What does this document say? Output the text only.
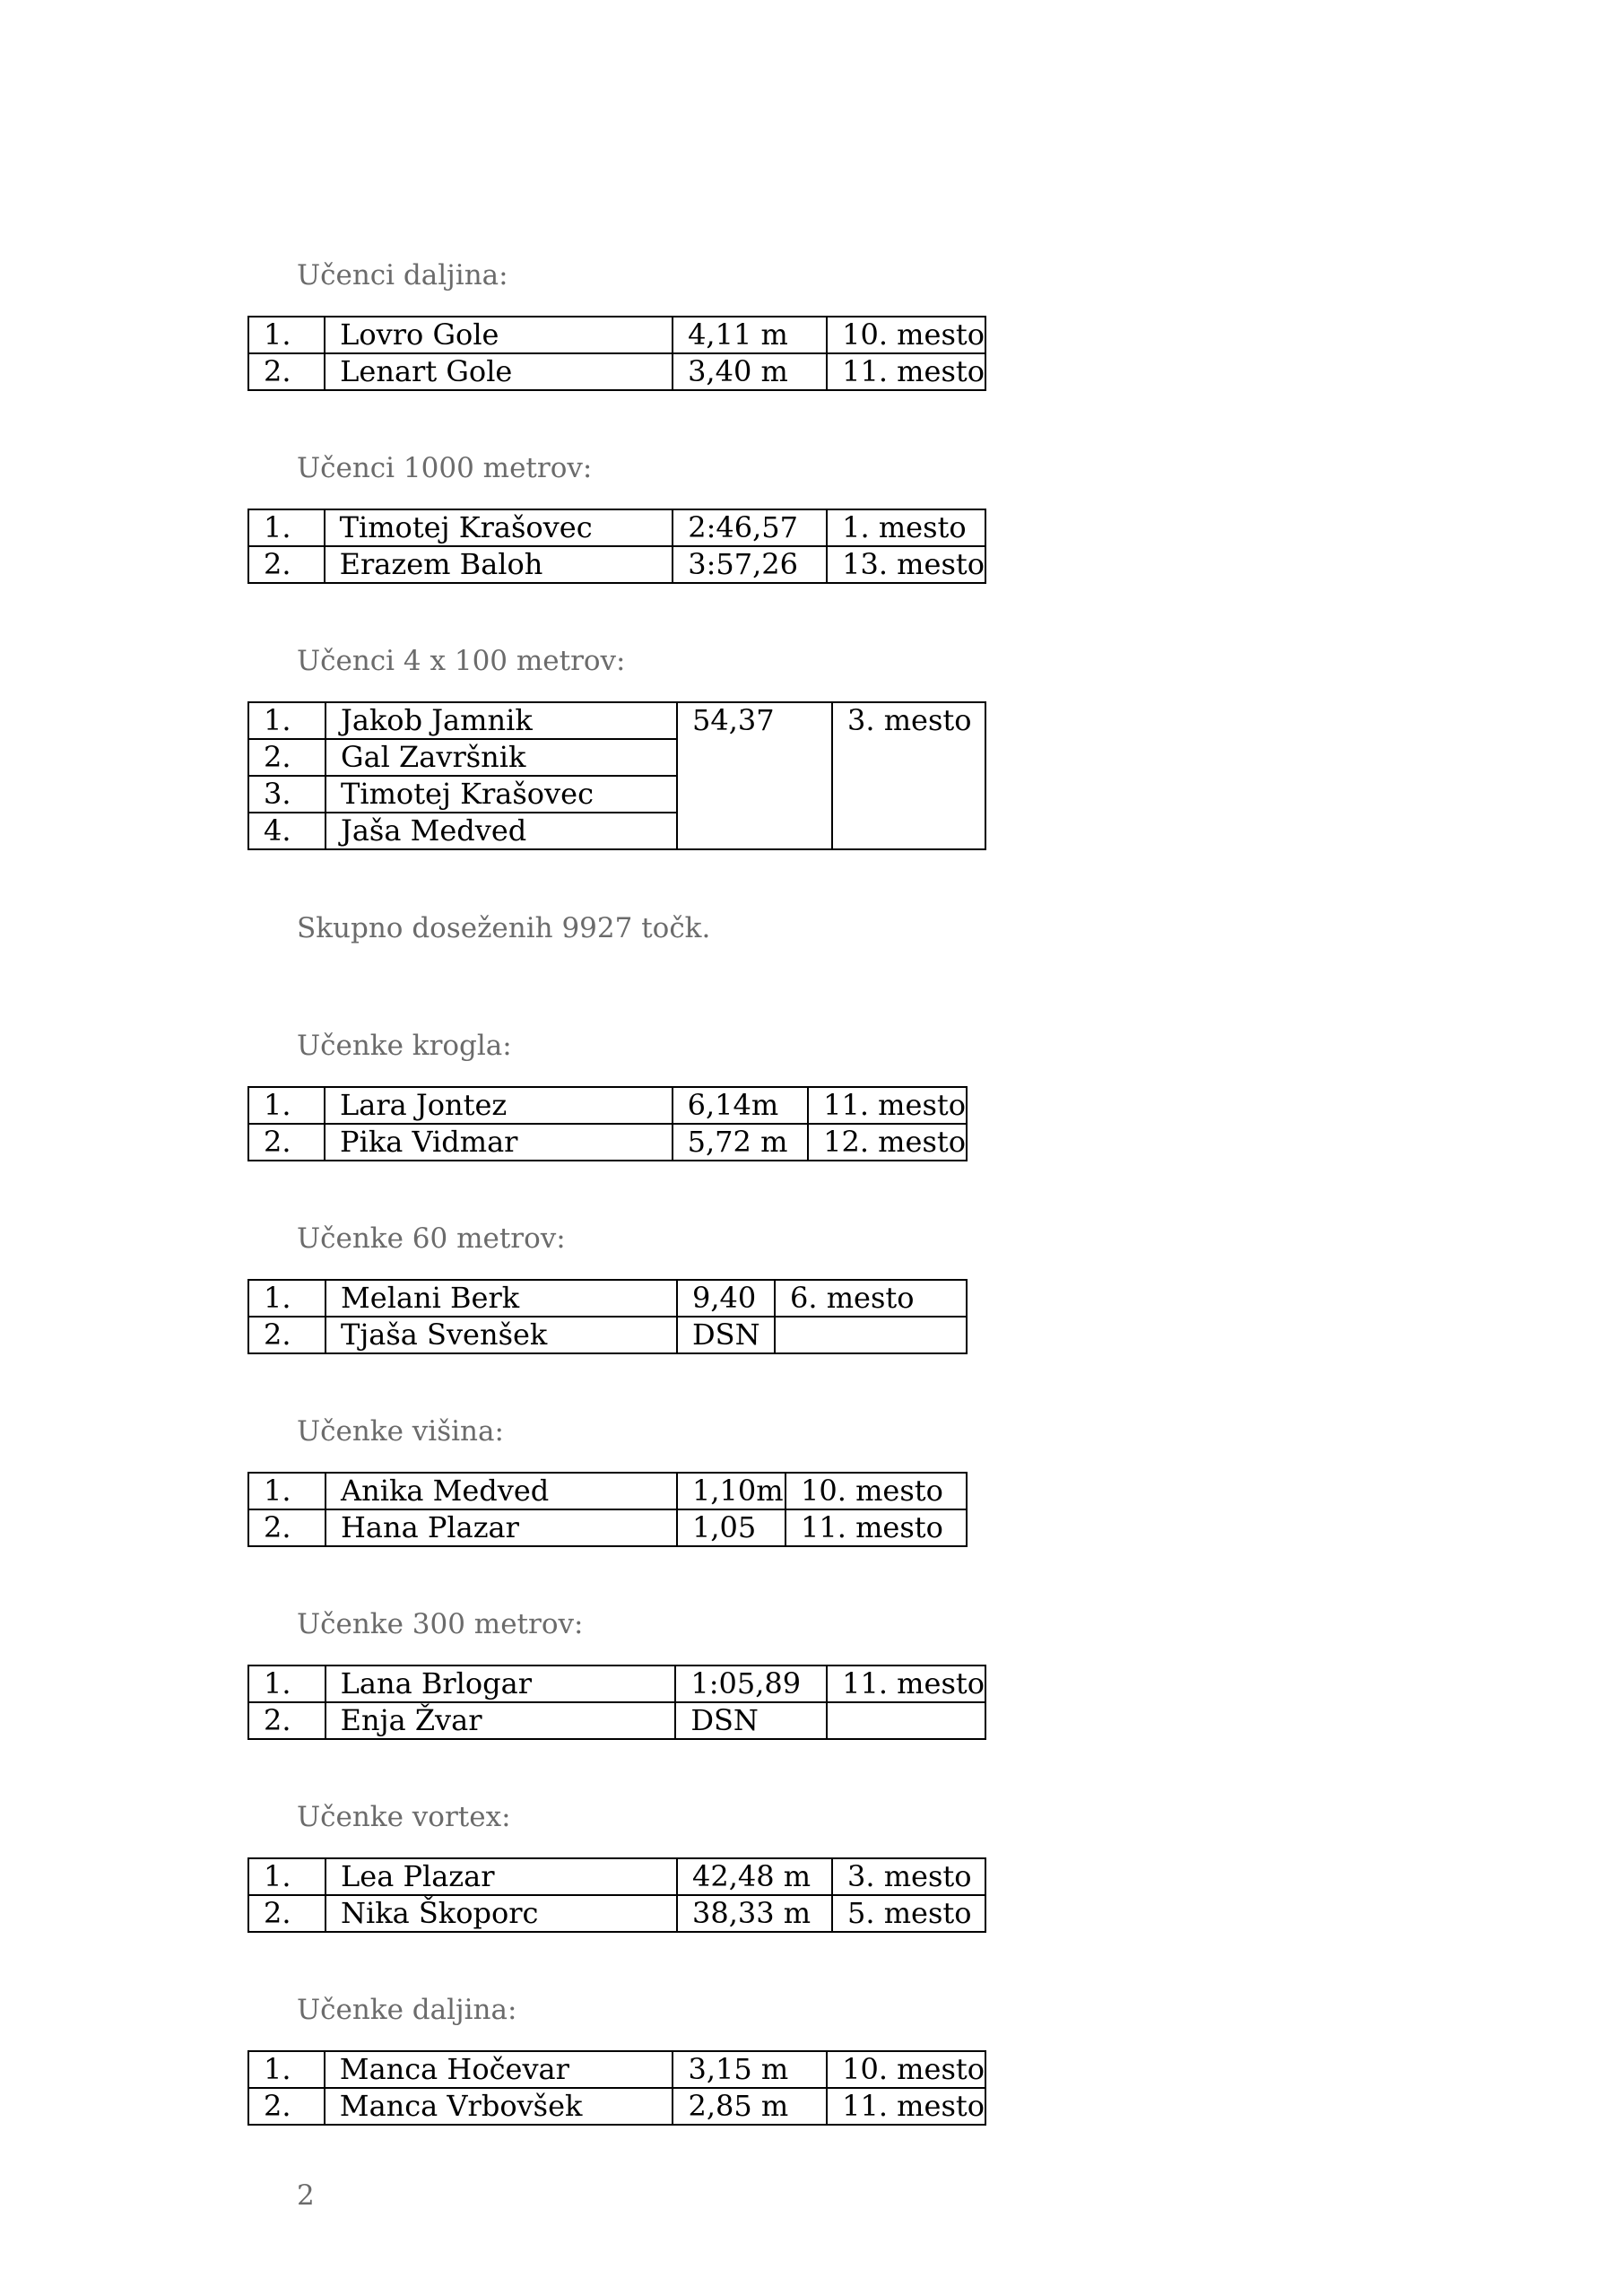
Učenci daljina:
1.	Lovro Gole	4,11 m	10. mesto
2.	Lenart Gole	3,40 m	11. mesto
Učenci 1000 metrov:
1.	Timotej Krašovec	2:46,57	1. mesto
2.	Erazem Baloh	3:57,26	13. mesto
Učenci 4 x 100 metrov:
1.	Jakob Jamnik	54,37	3. mesto
2.	Gal Završnik		
3.	Timotej Krašovec		
4.	Jaša Medved		
Skupno doseženih 9927 točk.
Učenke krogla:
1.	Lara Jontez	6,14m	11. mesto
2.	Pika Vidmar	5,72 m	12. mesto
Učenke 60 metrov:
1.	Melani Berk	9,40	6. mesto
2.	Tjaša Svenšek	DSN	
Učenke višina:
1.	Anika Medved	1,10m	10. mesto
2.	Hana Plazar	1,05	11. mesto
Učenke 300 metrov:
1.	Lana Brlogar	1:05,89	11. mesto
2.	Enja Žvar	DSN	
Učenke vortex:
1.	Lea Plazar	42,48 m	3. mesto
2.	Nika Škoporc	38,33 m	5. mesto
Učenke daljina:
1.	Manca Hočevar	3,15 m	10. mesto
2.	Manca Vrbovšek	2,85 m	11. mesto
2
